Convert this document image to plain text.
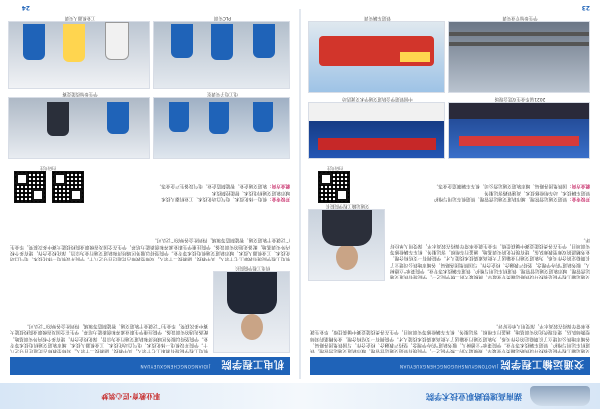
湖南高速铁路职业技术学院
交通运输工程学院
JIAOTONGYUNSHUGONGCHENGXUEYUAN
交通运输工程学院是我校开设铁路运输类专业最早、规模最大的二级学院之一，学院现有铁道交通运营管理、城市轨道交通运营管理、铁道机车运用与维护、铁道车辆技术等专业。学院秉承“立德树人、服务轨道”的办学理念，坚持产教融合、校企合作，与国铁集团各路局、各城市地铁公司建立了长期稳定的合作关系，为轨道交通行业输送了大批高素质技术技能人才。学院拥有一支结构合理、业务精湛的双师型教师队伍，建有现代化的实训基地，涵盖行车组织、客运服务、机车车辆检修等实训项目，学生在各类技能竞赛中屡获佳绩，毕业生就业率常年保持在较高水平，深受用人单位好评。
交通运输工程学院院长
交通运输工程学院是我校开设铁路运输类专业最早、规模最大的二级学院之一，学院现有铁道交通运营管理、城市轨道交通运营管理、铁道机车运用与维护、铁道车辆技术等专业。学院秉承“立德树人、服务轨道”的办学理念，坚持产教融合、校企合作，与国铁集团各路局、各城市地铁公司建立了长期稳定的合作关系，为轨道交通行业输送了大批高素质技术技能人才。学院拥有一支结构合理、业务精湛的双师型教师队伍，建有现代化的实训基地，涵盖行车组织、客运服务、机车车辆检修等实训项目，学生在各类技能竞赛中屡获佳绩，毕业生就业率常年保持在较高水平，深受用人单位好评。
开设专业：铁道交通运营管理、城市轨道交通运营管理、铁道机车运用与维护
铁道车辆技术、动车组检修技术、高速铁路客运服务
就业方向：国铁集团各路局、城市轨道交通运营公司、机车车辆制造企业等。
扫码关注
2021届毕业生双选会现场
中国铁道学会轨道交通学术交流活动
学生参加专业实训
铁道车辆实训
23
职业教育·匠心筑梦
机电工程学院
JIDIANGONGCHENGXUEYUAN
机电工程学院院长
机电工程学院现有教职工七十余人，其中教授、副教授二十余人，双师型教师占比超过百分之八十。学院开设机电一体化技术、电气自动化技术、工业机器人技术、城市轨道交通机电技术等专业。学院坚持以服务区域经济和轨道交通行业为宗旨，深化校企合作，建有多个校内外实训基地，配备先进的实训设备。学院注重学生职业素养和创新能力培养，学生在全国及省级职业院校技能大赛中多次获奖，毕业生广泛就业于轨道交通、智能制造等领域，得到社会各界的广泛认可。
机电工程学院现有教职工七十余人，其中教授、副教授二十余人，双师型教师占比超过百分之八十。学院开设机电一体化技术、电气自动化技术、工业机器人技术、城市轨道交通机电技术等专业。学院坚持以服务区域经济和轨道交通行业为宗旨，深化校企合作，建有多个校内外实训基地，配备先进的实训设备。学院注重学生职业素养和创新能力培养，学生在全国及省级职业院校技能大赛中多次获奖，毕业生广泛就业于轨道交通、智能制造等领域，得到社会各界的广泛认可。
开设专业：机电一体化技术、电气自动化技术、工业机器人技术
城市轨道交通机电技术、智能控制技术
就业方向：轨道交通企业、智能制造企业、电气设备生产企业等。
扫码关注
电工电子实训室
学生参加技能竞赛
PLC实训
工业机器人实训
24
